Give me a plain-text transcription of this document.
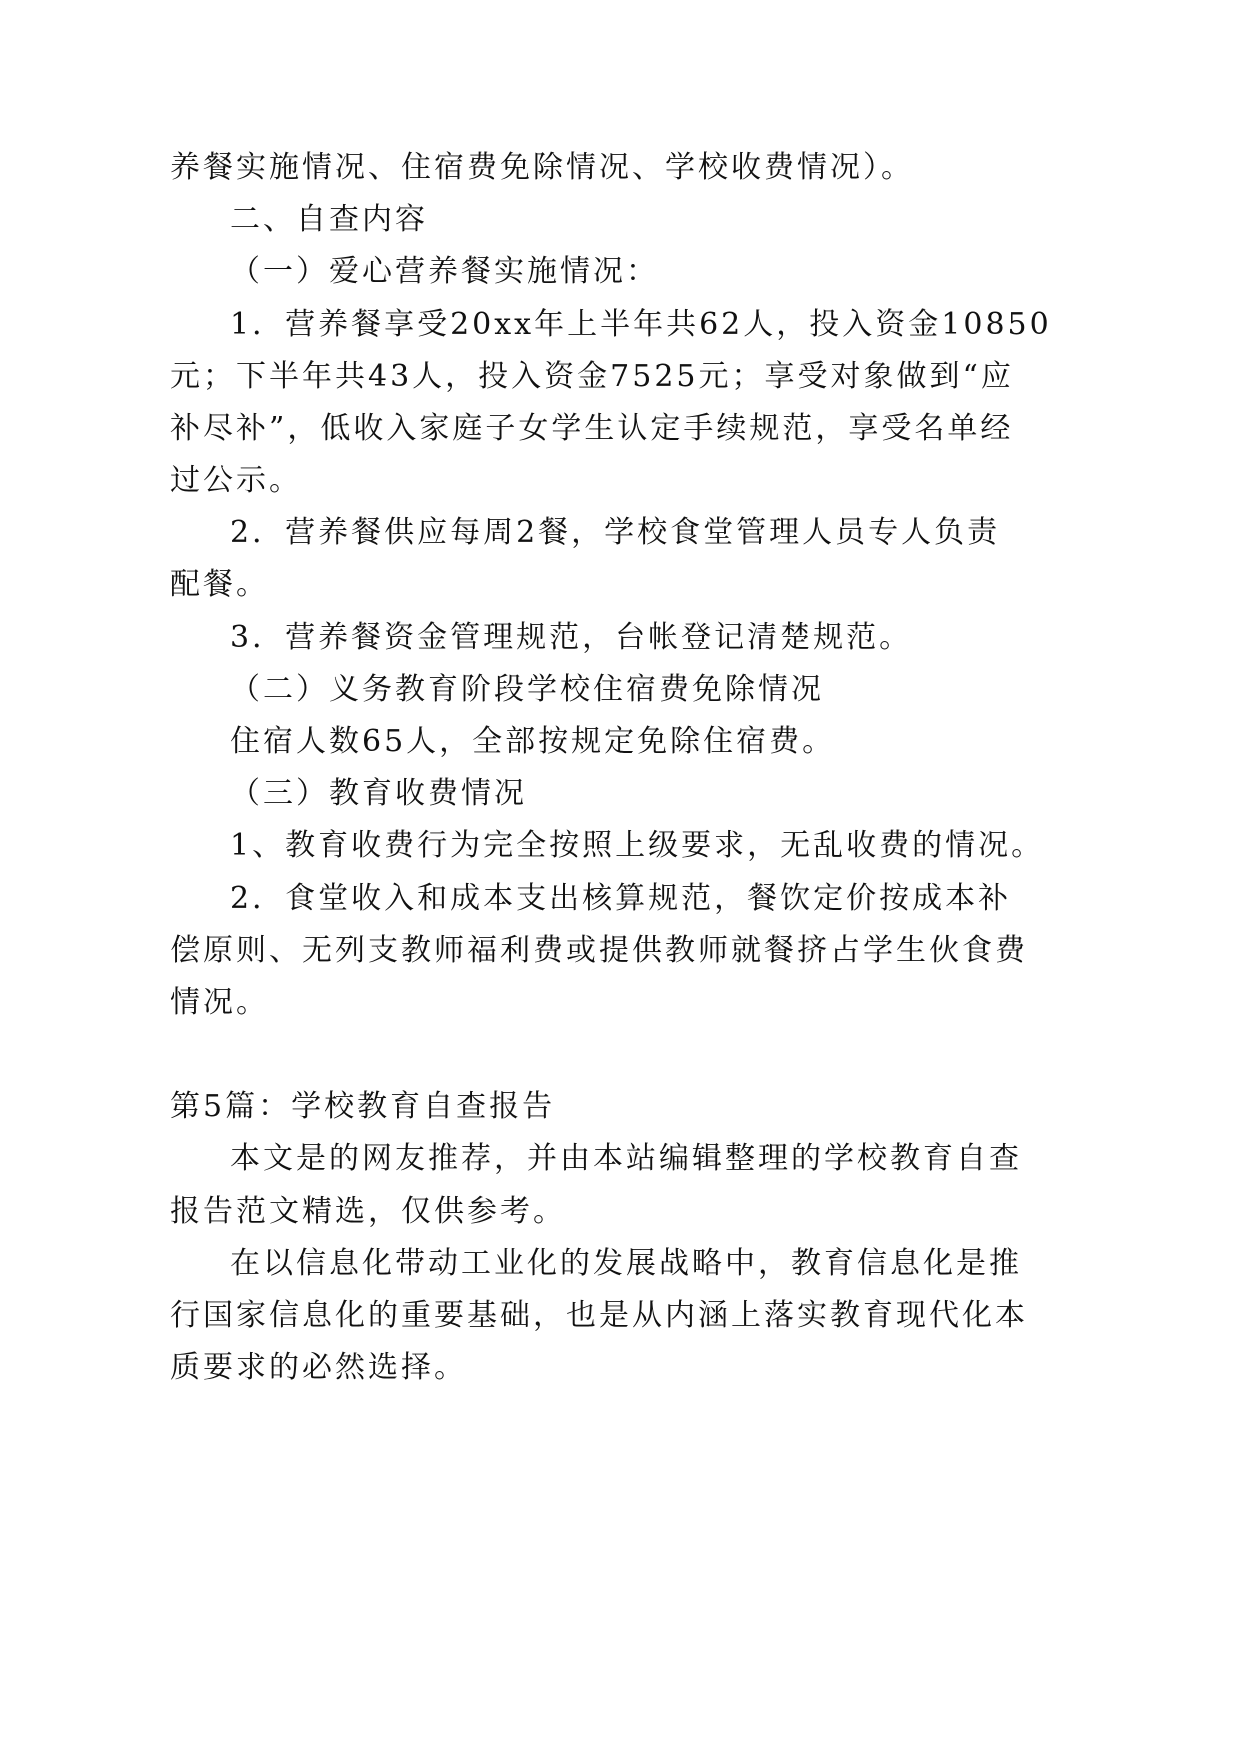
养餐实施情况、住宿费免除情况、学校收费情况）。
二、自查内容
（一）爱心营养餐实施情况：
1．营养餐享受20xx年上半年共62人，投入资金10850
元；下半年共43人，投入资金7525元；享受对象做到“应
补尽补”，低收入家庭子女学生认定手续规范，享受名单经
过公示。
2．营养餐供应每周2餐，学校食堂管理人员专人负责
配餐。
3．营养餐资金管理规范，台帐登记清楚规范。
（二）义务教育阶段学校住宿费免除情况
住宿人数65人，全部按规定免除住宿费。
（三）教育收费情况
1、教育收费行为完全按照上级要求，无乱收费的情况。
2．食堂收入和成本支出核算规范，餐饮定价按成本补
偿原则、无列支教师福利费或提供教师就餐挤占学生伙食费
情况。
第5篇：学校教育自查报告
本文是的网友推荐，并由本站编辑整理的学校教育自查
报告范文精选，仅供参考。
在以信息化带动工业化的发展战略中，教育信息化是推
行国家信息化的重要基础，也是从内涵上落实教育现代化本
质要求的必然选择。
